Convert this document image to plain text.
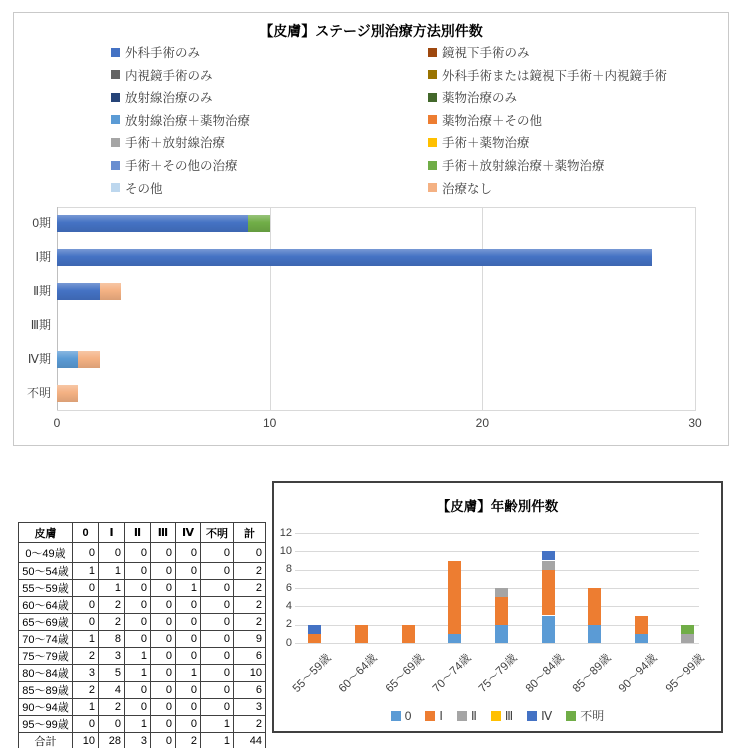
【皮膚】ステージ別治療方法別件数
外科手術のみ	鏡視下手術のみ
内視鏡手術のみ	外科手術または鏡視下手術＋内視鏡手術
放射線治療のみ	薬物治療のみ
放射線治療＋薬物治療	薬物治療＋その他
手術＋放射線治療	手術＋薬物治療
手術＋その他の治療	手術＋放射線治療＋薬物治療
その他	治療なし
0	10	20	30
0期
Ⅰ期
Ⅱ期
Ⅲ期
Ⅳ期
不明
皮膚	0	Ⅰ	Ⅱ	Ⅲ	Ⅳ	不明	計
0～49歳	0	0	0	0	0	0	0
50～54歳	1	1	0	0	0	0	2
55～59歳	0	1	0	0	1	0	2
60～64歳	0	2	0	0	0	0	2
65～69歳	0	2	0	0	0	0	2
70～74歳	1	8	0	0	0	0	9
75～79歳	2	3	1	0	0	0	6
80～84歳	3	5	1	0	1	0	10
85～89歳	2	4	0	0	0	0	6
90～94歳	1	2	0	0	0	0	3
95～99歳	0	0	1	0	0	1	2
合計	10	28	3	0	2	1	44
【皮膚】年齢別件数
0
2
4
6
8
10
12
55～59歳 60～64歳 65～69歳 70～74歳 75～79歳 80～84歳 85～89歳 90～94歳 95～99歳
0 Ⅰ Ⅱ Ⅲ Ⅳ 不明
